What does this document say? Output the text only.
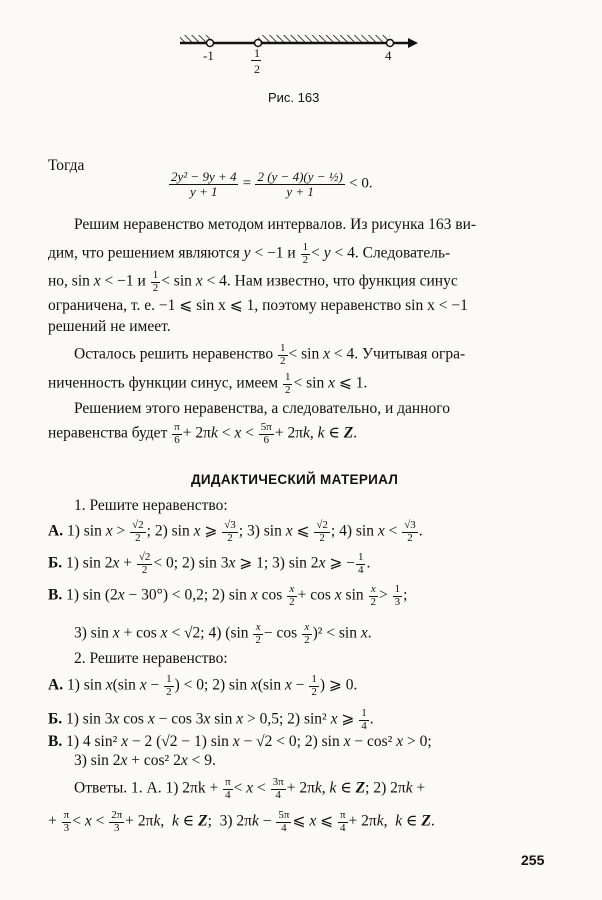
-1	1
2
4
Рис. 163
Тогда
$\frac{\text{2y² − 9y + 4}}{y + 1} = \frac{\text{2 (y − 4)(y − ½)}}{y + 1} < 0$.
Решим неравенство методом интервалов. Из рисунка 163 ви-
дим, что решением являются y < −1 и $\frac{1}{2} < y < 4$. Следователь-
но, sin x < −1 и $\frac{1}{2} < \sin x < 4$. Нам известно, что функция синус
ограничена, т. е. −1 ⩽ sin x ⩽ 1, поэтому неравенство sin x < −1
решений не имеет.
Осталось решить неравенство $\frac{1}{2} < \sin x < 4$. Учитывая огра-
ниченность функции синус, имеем $\frac{1}{2} < \sin x$ ⩽ 1.
Решением этого неравенства, а следовательно, и данного
неравенства будет $\frac{\pi}{6} + 2\pi k < x < \frac{5\pi}{6} + 2\pi k$, k ∈ Z.
ДИДАКТИЧЕСКИЙ МАТЕРИАЛ
1. Решите неравенство:
А. 1) $\sin x > \frac{√2}{2}$ ; 2) sin x ⩾ $\frac{√3}{2}$ ; 3) sin x ⩽ $\frac{√2}{2}$ ; 4) $\sin x < \frac{√3}{2}$ .
Б. 1) $\sin 2x + \frac{√2}{2} < 0$; 2) sin 3x ⩾ 1; 3) sin 2x ⩾ − $\frac{1}{4}$ .
В. 1) sin (2x − 30°) < 0,2; 2) sin x $\cos \frac{x}{2} + \cos x$ $\sin \frac{x}{2} > \frac{1}{3}$ ;
3) sin x + cos x < √2; 4) $(\sin \frac{x}{2} - \cos \frac{x}{2} )^2 < \sin x$.
2. Решите неравенство:
А. 1) sin x(sin $x - \frac{1}{2}$ ) < 0; 2) sin x(sin $x - \frac{1}{2}$ ) ⩾ 0.
Б. 1) sin 3x cos x − cos 3x sin x > 0,5; 2) sin² x ⩾ $\frac{1}{4}$ .
В. 1) 4 sin² x − 2 (√2 − 1) sin x − √2 < 0; 2) sin x − cos² x > 0;
3) sin 2x + cos² 2x < 9.
Ответы. 1. А. 1) $2\pi k + \frac{\pi}{4} < x < \frac{3\pi}{4} + 2\pi k$, k ∈ Z; 2) 2πk +
+ $\frac{\pi}{3} < x < \frac{2\pi}{3} + 2\pi k$,  k ∈ Z;  3) $2\pi k - \frac{5\pi}{4}$ ⩽ x ⩽ $\frac{\pi}{4} + 2\pi k$,  k ∈ Z.
255
